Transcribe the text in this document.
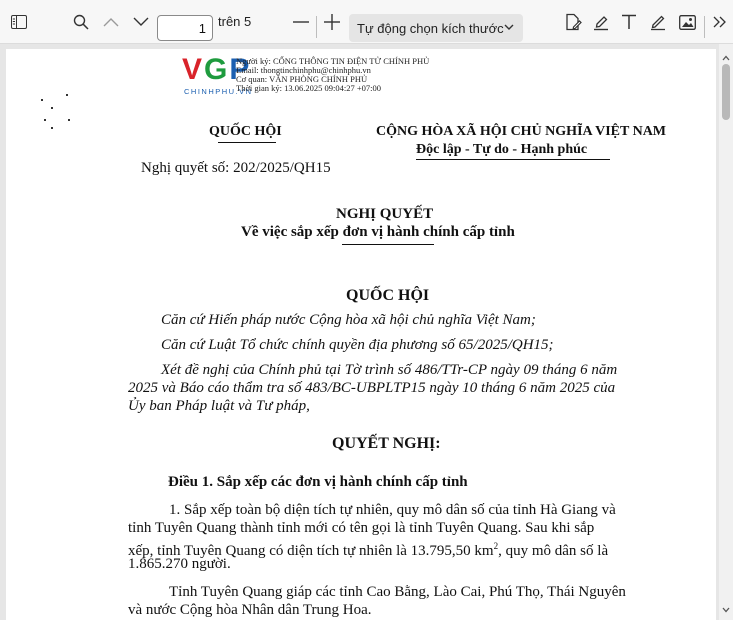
1
trên 5	Tự động chọn kích thước
VGP
CHINHPHU.VN
Người ký: CỔNG THÔNG TIN ĐIỆN TỬ CHÍNH PHỦ
Email: thongtinchinhphu@chinhphu.vn
Cơ quan: VĂN PHÒNG CHÍNH PHỦ
Thời gian ký: 13.06.2025 09:04:27 +07:00
QUỐC HỘI	CỘNG HÒA XÃ HỘI CHỦ NGHĨA VIỆT NAM
Độc lập - Tự do - Hạnh phúc
Nghị quyết số: 202/2025/QH15
NGHỊ QUYẾT
Về việc sắp xếp đơn vị hành chính cấp tỉnh
QUỐC HỘI
Căn cứ Hiến pháp nước Cộng hòa xã hội chủ nghĩa Việt Nam;
Căn cứ Luật Tổ chức chính quyền địa phương số 65/2025/QH15;
Xét đề nghị của Chính phủ tại Tờ trình số 486/TTr-CP ngày 09 tháng 6 năm
2025 và Báo cáo thẩm tra số 483/BC-UBPLTP15 ngày 10 tháng 6 năm 2025 của
Ủy ban Pháp luật và Tư pháp,
QUYẾT NGHỊ:
Điều 1. Sắp xếp các đơn vị hành chính cấp tỉnh
1. Sắp xếp toàn bộ diện tích tự nhiên, quy mô dân số của tỉnh Hà Giang và
tỉnh Tuyên Quang thành tỉnh mới có tên gọi là tỉnh Tuyên Quang. Sau khi sắp
xếp, tỉnh Tuyên Quang có diện tích tự nhiên là 13.795,50 $km^2$, quy mô dân số là
1.865.270 người.
Tỉnh Tuyên Quang giáp các tỉnh Cao Bằng, Lào Cai, Phú Thọ, Thái Nguyên
và nước Cộng hòa Nhân dân Trung Hoa.
